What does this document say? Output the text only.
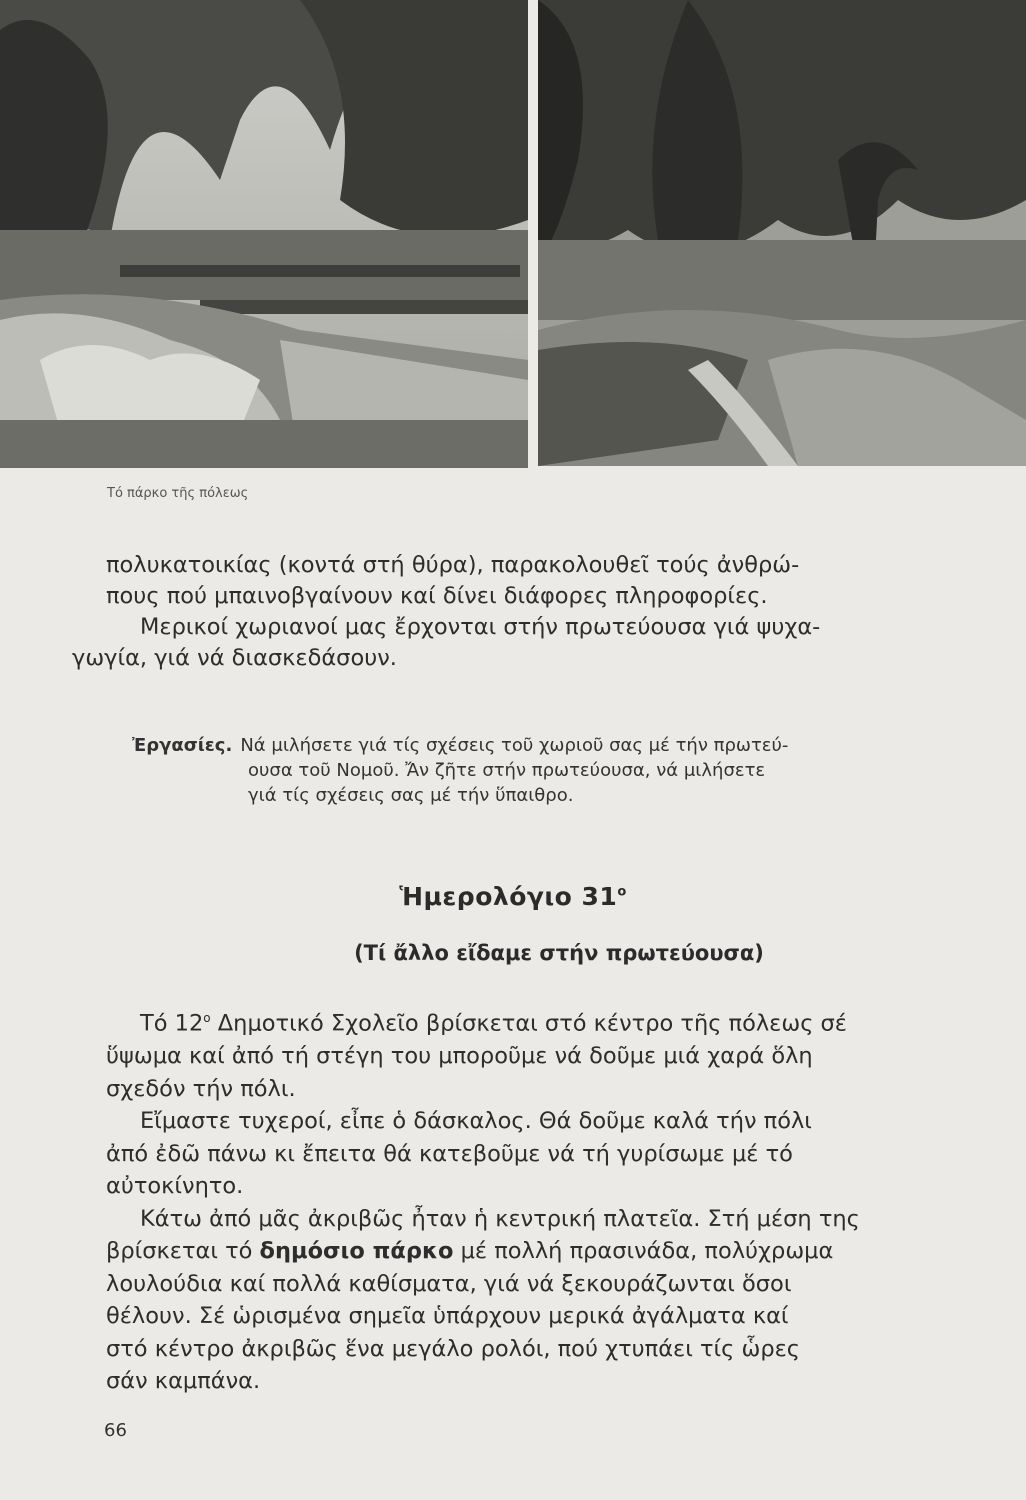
Τό πάρκο τῆς πόλεως

πολυκατοικίας (κοντά στή θύρα), παρακολουθεῖ τούς ἀνθρώ-
πους πού μπαινοβγαίνουν καί δίνει διάφορες πληροφορίες.

Μερικοί χωριανοί μας ἔρχονται στήν πρωτεύουσα γιά ψυχα-
γωγία, γιά νά διασκεδάσουν.

Ἐργασίες. Νά μιλήσετε γιά τίς σχέσεις τοῦ χωριοῦ σας μέ τήν πρωτεύ-
ουσα τοῦ Νομοῦ. Ἄν ζῆτε στήν πρωτεύουσα, νά μιλήσετε
γιά τίς σχέσεις σας μέ τήν ὕπαιθρο.
Ἡμερολόγιο $31^o$
(Τί ἄλλο εἴδαμε στήν πρωτεύουσα)

Τό $12^o$ Δημοτικό Σχολεῖο βρίσκεται στό κέντρο τῆς πόλεως σέ

ὕψωμα καί ἀπό τή στέγη του μποροῦμε νά δοῦμε μιά χαρά ὅλη

σχεδόν τήν πόλι.

Εἴμαστε τυχεροί, εἶπε ὁ δάσκαλος. Θά δοῦμε καλά τήν πόλι

ἀπό ἐδῶ πάνω κι ἔπειτα θά κατεβοῦμε νά τή γυρίσωμε μέ τό

αὐτοκίνητο.

Κάτω ἀπό μᾶς ἀκριβῶς ἦταν ἡ κεντρική πλατεῖα. Στή μέση της

βρίσκεται τό δημόσιο πάρκο μέ πολλή πρασινάδα, πολύχρωμα

λουλούδια καί πολλά καθίσματα, γιά νά ξεκουράζωνται ὅσοι

θέλουν. Σέ ὡρισμένα σημεῖα ὑπάρχουν μερικά ἀγάλματα καί

στό κέντρο ἀκριβῶς ἕνα μεγάλο ρολόι, πού χτυπάει τίς ὧρες

σάν καμπάνα.

66
